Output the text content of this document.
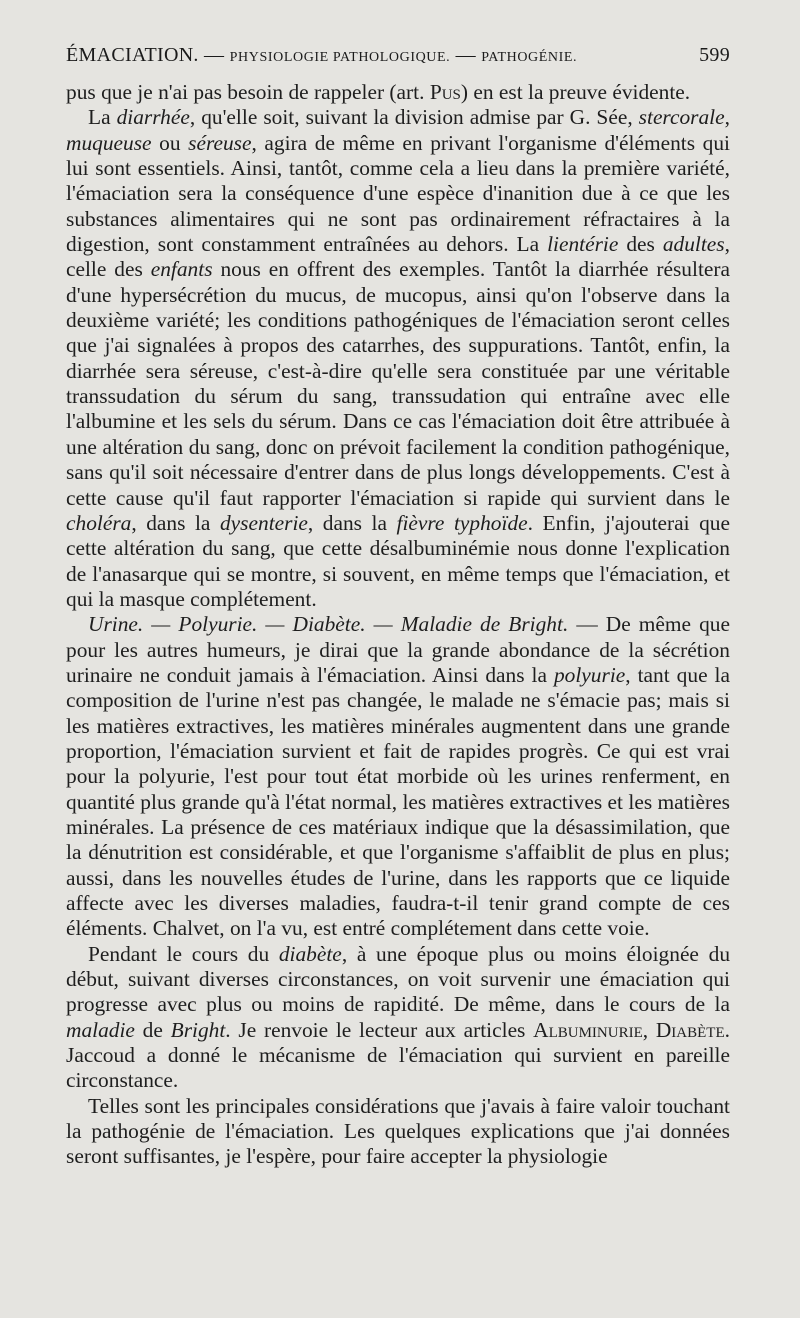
ÉMACIATION. — PHYSIOLOGIE PATHOLOGIQUE. — PATHOGÉNIE.	599

pus que je n'ai pas besoin de rappeler (art. Pus) en est la preuve évidente.

La diarrhée, qu'elle soit, suivant la division admise par G. Sée, stercorale, muqueuse ou séreuse, agira de même en privant l'organisme d'éléments qui lui sont essentiels. Ainsi, tantôt, comme cela a lieu dans la première variété, l'émaciation sera la conséquence d'une espèce d'inanition due à ce que les substances alimentaires qui ne sont pas ordinairement réfractaires à la digestion, sont constamment entraînées au dehors. La lientérie des adultes, celle des enfants nous en offrent des exemples. Tantôt la diarrhée résultera d'une hypersécrétion du mucus, de mucopus, ainsi qu'on l'observe dans la deuxième variété; les conditions pathogéniques de l'émaciation seront celles que j'ai signalées à propos des catarrhes, des suppurations. Tantôt, enfin, la diarrhée sera séreuse, c'est-à-dire qu'elle sera constituée par une véritable transsudation du sérum du sang, transsudation qui entraîne avec elle l'albumine et les sels du sérum. Dans ce cas l'émaciation doit être attribuée à une altération du sang, donc on prévoit facilement la condition pathogénique, sans qu'il soit nécessaire d'entrer dans de plus longs développements. C'est à cette cause qu'il faut rapporter l'émaciation si rapide qui survient dans le choléra, dans la dysenterie, dans la fièvre typhoïde. Enfin, j'ajouterai que cette altération du sang, que cette désalbuminémie nous donne l'explication de l'anasarque qui se montre, si souvent, en même temps que l'émaciation, et qui la masque complétement.

Urine. — Polyurie. — Diabète. — Maladie de Bright. — De même que pour les autres humeurs, je dirai que la grande abondance de la sécrétion urinaire ne conduit jamais à l'émaciation. Ainsi dans la polyurie, tant que la composition de l'urine n'est pas changée, le malade ne s'émacie pas; mais si les matières extractives, les matières minérales augmentent dans une grande proportion, l'émaciation survient et fait de rapides progrès. Ce qui est vrai pour la polyurie, l'est pour tout état morbide où les urines renferment, en quantité plus grande qu'à l'état normal, les matières extractives et les matières minérales. La présence de ces matériaux indique que la désassimilation, que la dénutrition est considérable, et que l'organisme s'affaiblit de plus en plus; aussi, dans les nouvelles études de l'urine, dans les rapports que ce liquide affecte avec les diverses maladies, faudra-t-il tenir grand compte de ces éléments. Chalvet, on l'a vu, est entré complétement dans cette voie.

Pendant le cours du diabète, à une époque plus ou moins éloignée du début, suivant diverses circonstances, on voit survenir une émaciation qui progresse avec plus ou moins de rapidité. De même, dans le cours de la maladie de Bright. Je renvoie le lecteur aux articles Albuminurie, Diabète. Jaccoud a donné le mécanisme de l'émaciation qui survient en pareille circonstance.

Telles sont les principales considérations que j'avais à faire valoir touchant la pathogénie de l'émaciation. Les quelques explications que j'ai données seront suffisantes, je l'espère, pour faire accepter la physiologie
